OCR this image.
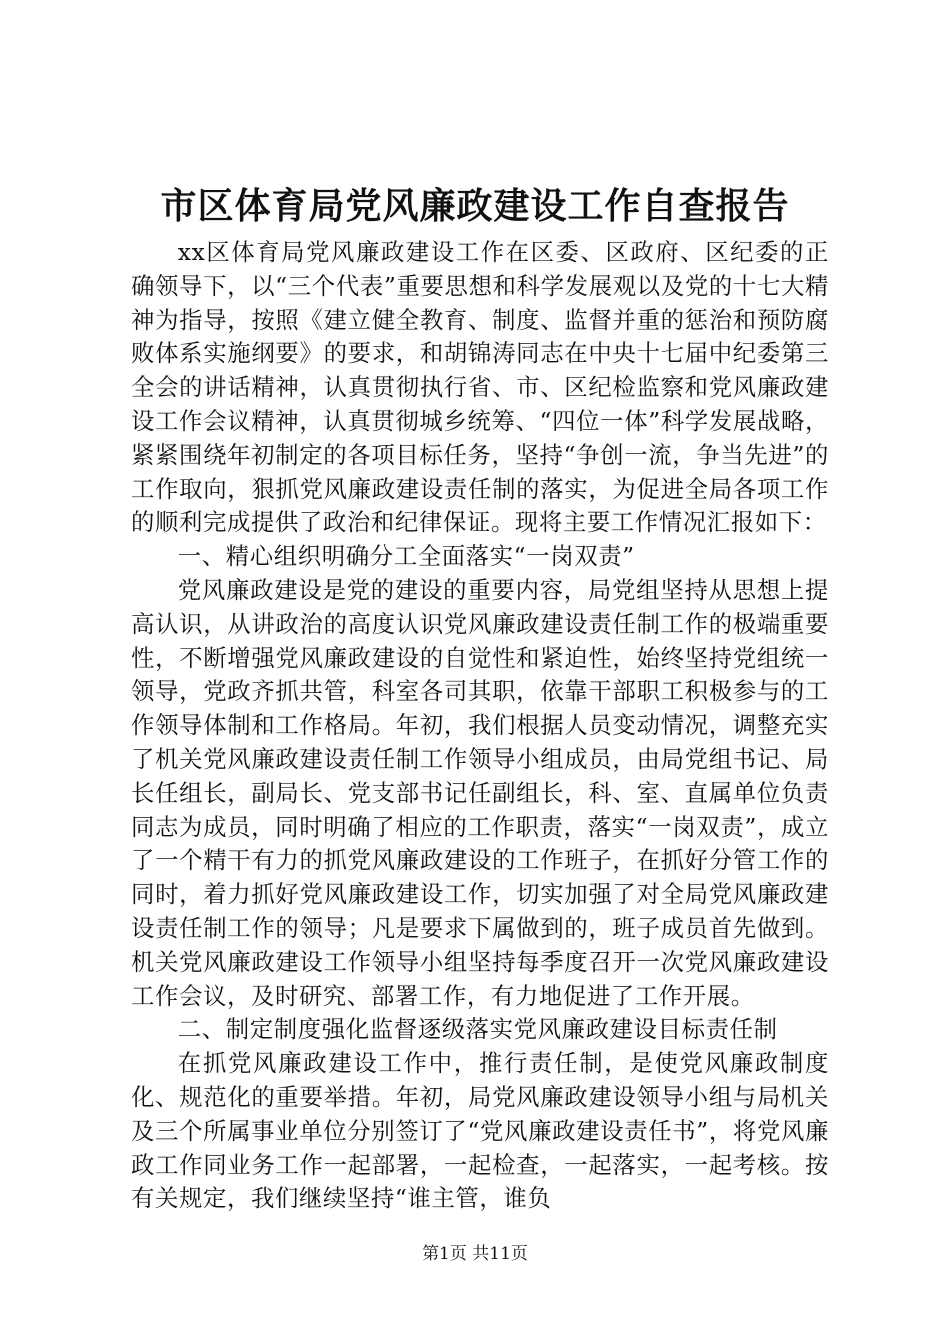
市区体育局党风廉政建设工作自查报告

xx区体育局党风廉政建设工作在区委、区政府、区纪委的正确领导下，以“三个代表”重要思想和科学发展观以及党的十七大精神为指导，按照《建立健全教育、制度、监督并重的惩治和预防腐败体系实施纲要》的要求，和胡锦涛同志在中央十七届中纪委第三全会的讲话精神，认真贯彻执行省、市、区纪检监察和党风廉政建设工作会议精神，认真贯彻城乡统筹、“四位一体”科学发展战略，紧紧围绕年初制定的各项目标任务，坚持“争创一流，争当先进”的工作取向，狠抓党风廉政建设责任制的落实，为促进全局各项工作的顺利完成提供了政治和纪律保证。现将主要工作情况汇报如下：

一、精心组织明确分工全面落实“一岗双责”

党风廉政建设是党的建设的重要内容，局党组坚持从思想上提高认识，从讲政治的高度认识党风廉政建设责任制工作的极端重要性，不断增强党风廉政建设的自觉性和紧迫性，始终坚持党组统一领导，党政齐抓共管，科室各司其职，依靠干部职工积极参与的工作领导体制和工作格局。年初，我们根据人员变动情况，调整充实了机关党风廉政建设责任制工作领导小组成员，由局党组书记、局长任组长，副局长、党支部书记任副组长，科、室、直属单位负责同志为成员，同时明确了相应的工作职责，落实“一岗双责”，成立了一个精干有力的抓党风廉政建设的工作班子，在抓好分管工作的同时，着力抓好党风廉政建设工作，切实加强了对全局党风廉政建设责任制工作的领导；凡是要求下属做到的，班子成员首先做到。机关党风廉政建设工作领导小组坚持每季度召开一次党风廉政建设工作会议，及时研究、部署工作，有力地促进了工作开展。

二、制定制度强化监督逐级落实党风廉政建设目标责任制

在抓党风廉政建设工作中，推行责任制，是使党风廉政制度化、规范化的重要举措。年初，局党风廉政建设领导小组与局机关及三个所属事业单位分别签订了“党风廉政建设责任书”，将党风廉政工作同业务工作一起部署，一起检查，一起落实，一起考核。按有关规定，我们继续坚持“谁主管，谁负

第1页 共11页
